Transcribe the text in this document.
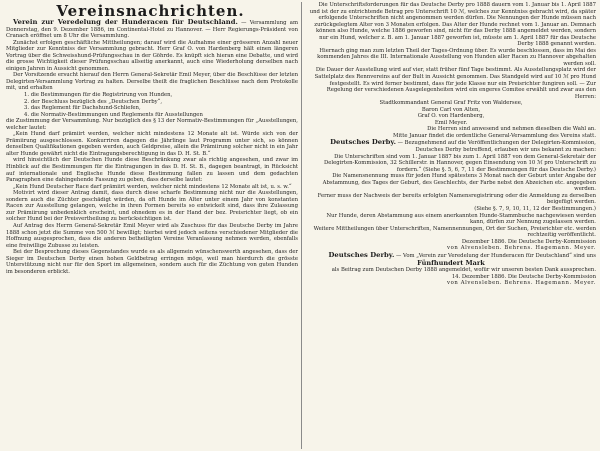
Vereinsnachrichten.

Verein zur Veredelung der Hunderacen für Deutschland. — Versammlung am Donnerstag, den 9. Dezember 1886, im Continental-Hotel zu Hannover. — Herr Regierungs-Präsident von Cranach eröffnet um 8 Uhr die Versammlung.

Zunächst erfolgen geschäftliche Mittheilungen; darauf wird die Aufnahme einer grösseren Anzahl neuer Mitglieder zur Kenntniss der Versammlung gebracht. Herr Graf O. von Hardenberg hält einen längeren Vortrag über die Schweisshund-Prüfungsschau in der Göhrde. Es knüpft sich hieran eine Debatte, und wird die grosse Wichtigkeit dieser Prüfungsschau allseitig anerkannt, auch eine Wiederholung derselben nach einigen Jahren in Aussicht genommen.

Der Vorsitzende ersucht hierauf den Herrn General-Sekretär Emil Meyer, über die Beschlüsse der letzten Delegirten-Versammlung Vortrag zu halten. Derselbe theilt die fraglichen Beschlüsse nach dem Protokolle mit, und erhalten

1. die Bestimmungen für die Registrirung von Hunden,

2. der Beschluss bezüglich des „Deutschen Derby“,

3. das Reglement für Dachshund-Schliefen,

4. die Normativ-Bestimmungen und Reglements für Ausstellungen

die Zustimmung der Versammlung. Nur bezüglich des § 13 der Normativ-Bestimmungen für „Ausstellungen, welcher lautet:

„Kein Hund darf prämiirt werden, welcher nicht mindestens 12 Monate alt ist. Würde sich von der Prämiirung ausgeschlossen. Konkurriren dagegen die Jährlinge laut Programm unter sich, so können denselben Qualifikationen gegeben werden, auch Geldpreise, allein die Prämiirung solcher nicht in ein Jahr alter Hunde gewährt nicht die Eintragungsberechtigung in das D. H. St. B.“

wird hinsichtlich der Deutschen Hunde diese Beschränkung zwar als richtig angesehen, und zwar im Hinblick auf die Bestimmungen für die Eintragungen in das D. H. St. B., dagegen beantragt, in Rücksicht auf internationale und Englische Hunde diese Bestimmung fallen zu lassen und dem gedachten Paragraphen eine dahingehende Fassung zu geben, dass derselbe lautet:

„Kein Hund Deutscher Race darf prämiirt werden, welcher nicht mindestens 12 Monate alt ist, u. s. w.“

Motivirt wird dieser Antrag damit, dass durch diese scharfe Bestimmung nicht nur die Ausstellungen, sondern auch die Züchter geschädigt würden, da oft Hunde im Alter unter einem Jahr von konstanten Racen zur Ausstellung gelangen, welche in ihren Formen bereits so entwickelt sind, dass ihre Zulassung zur Prämiirung unbedenklich erscheint, und ohnedem es in der Hand der bez. Preisrichter liegt, ob ein solcher Hund bei der Preisvertheilung zu berücksichtigen ist.

Auf Antrag des Herrn General-Sekretär Emil Meyer wird als Zuschuss für das Deutsche Derby im Jahre 1888 schon jetzt die Summe von 500 ℳ bewilligt; hierbei wird jedoch seitens verschiedener Mitglieder die Hoffnung ausgesprochen, dass die anderen betheiligten Vereine Veranlassung nehmen werden, ebenfalls eine freiwillige Zubusse zu leisten.

Bei der Besprechung dieses Gegenstandes wurde es als allgemein wünschenswerth angesehen, dass der Sieger im Deutschen Derby einen hohen Geldbetrag erringen möge, weil man hierdurch die grösste Unterstützung nicht nur für den Sport im allgemeinen, sondern auch für die Züchtung von guten Hunden im besonderen erblickt.

Die Unterschriftsforderungen für das Deutsche Derby pro 1888 dauern vom 1. Januar bis 1. April 1887 und ist der zu entrichtende Betrag pro Unterschrift 10 ℳ, welches zur Kenntniss gebracht wird, da später erfolgende Unterschriften nicht angenommen werden dürfen. Die Nennungen der Hunde müssen nach zurückgelegtem Alter von 3 Monaten erfolgen. Das Alter der Hunde rechnet vom 1. Januar an. Demnach können also Hunde, welche 1886 geworfen sind, nicht für das Derby 1888 angemeldet werden, sondern nur ein Hund, welcher z. B. am 1. Januar 1887 geworfen ist, müsste am 1. April 1887 für das Deutsche Derby 1888 genannt werden.

Hiernach ging man zum letzten Theil der Tages-Ordnung über. Es wurde beschlossen, dass im Mai des kommenden Jahres die III. Internationale Ausstellung von Hunden aller Racen zu Hannover abgehalten werden soll.

Die Dauer der Ausstellung wird auf vier, statt früher fünf Tage bestimmt. Als Ausstellungsplatz wird der Sattelplatz des Rennvereins auf der Bult in Aussicht genommen. Das Standgeld wird auf 10 ℳ pro Hund festgestellt. Es wird ferner bestimmt, dass für jede Klasse nur ein Preisrichter fungiren soll. — Zur Regelung der verschiedenen Ausgelegenheiten wird ein engeres Comitee erwählt und zwar aus den Herren:

Stadtkommandant General Graf Fritz von Waldersee,

Baron Carl von Alten,

Graf O. von Hardenberg,

Emil Meyer.

Die Herren sind anwesend und nehmen dieselben die Wahl an.

Mitte Januar findet die ordentliche General-Versammlung des Vereins statt.

Deutsches Derby. — Bezugnehmend auf die Veröffentlichungen der Delegirten-Kommission, Deutsches Derby betreffend, erlauben wir uns bekannt zu machen:

Die Unterschriften sind vom 1. Januar 1887 bis zum 1. April 1887 von dem General-Sekretair der Delegirten-Kommission, 32 Schillerstr. in Hannover, gegen Einsendung von 10 ℳ pro Unterschrift zu fordern.“ (Siehe §. 5, 6, 7, 11 der Bestimmungen für das Deutsche Derby.)

Die Namensnennung muss für jeden Hund spätestens 3 Monat nach der Geburt unter Angabe der Abstammung, des Tages der Geburt, des Geschlechts, der Farbe nebst den Abzeichen etc. angegeben werden.

Ferner muss der Nachweis der bereits erfolgten Namensregistrirung oder die Anmeldung zu derselben beigefügt werden.

(Siehe §. 7, 9, 10, 11, 12 der Bestimmungen.)

Nur Hunde, deren Abstammung aus einem anerkannten Hunde-Stammbuche nachgewiesen werden kann, dürfen zur Nennung zugelassen werden.

Weitere Mittheilungen über Unterschriften, Namennennungen, Ort der Suchen, Preisrichter etc. werden rechtzeitig veröffentlicht.

Dezember 1886. Die Deutsche Derby-Kommission

von Alvensleben. Behrens. Hagemann. Meyer.

Deutsches Derby. — Vom „Verein zur Veredelung der Hunderacen für Deutschland“ sind uns

Fünfhundert Mark

als Beitrag zum Deutschen Derby 1888 angemeldet, wofür wir unseren besten Dank aussprechen.

14. Dezember 1886. Die Deutsche Derby-Kommission

von Alvensleben. Behrens. Hagemann. Meyer.
